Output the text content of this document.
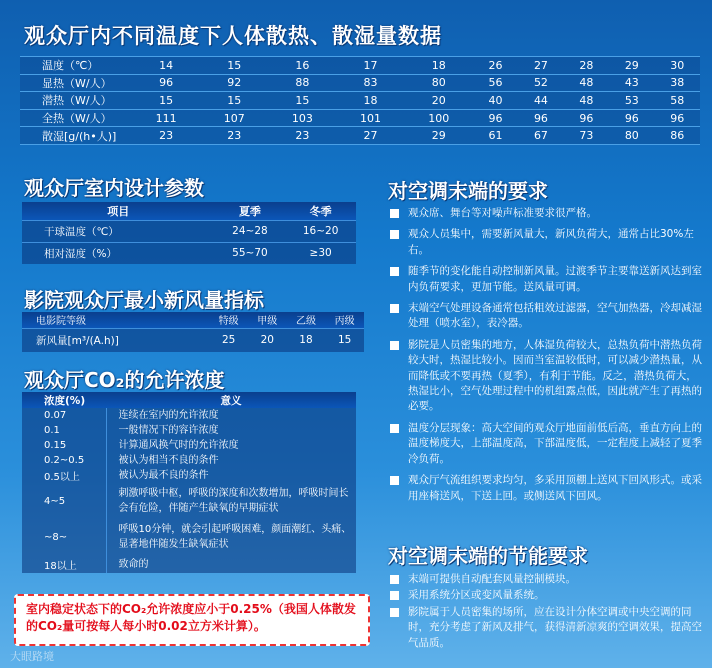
观众厅内不同温度下人体散热、散湿量数据
温度（℃）	14	15	16	17	18	26	27	28	29	30
显热（W/人）	96	92	88	83	80	56	52	48	43	38
潜热（W/人）	15	15	15	18	20	40	44	48	53	58
全热（W/人）	111	107	103	101	100	96	96	96	96	96
散湿[g/(h•人)]	23	23	23	27	29	61	67	73	80	86
观众厅室内设计参数
项目	夏季	冬季
干球温度（℃）	24~28	16~20
相对湿度（%）	55~70	≥30
影院观众厅最小新风量指标
电影院等级	特级	甲级	乙级	丙级
新风量[m³/(A.h)]	25	20	18	15
观众厅CO₂的允许浓度
浓度(%)	意义
0.07	连续在室内的允许浓度
0.1	一般情况下的容许浓度
0.15	计算通风换气时的允许浓度
0.2~0.5	被认为相当不良的条件
0.5以上	被认为最不良的条件
4~5	刺激呼吸中枢，呼吸的深度和次数增加，呼吸时间长会有危险，伴随产生缺氧的早期症状
~8~	呼吸10分钟，就会引起呼吸困难，颜面潮红、头痛、显著地伴随发生缺氧症状
18以上	致命的
室内稳定状态下的CO₂允许浓度应小于0.25%（我国人体散发的CO₂量可按每人每小时0.02立方米计算）。
对空调末端的要求
观众席、舞台等对噪声标准要求很严格。
观众人员集中，需要新风量大，新风负荷大，通常占比30%左右。
随季节的变化能自动控制新风量。过渡季节主要靠送新风达到室内负荷要求，更加节能。送风量可调。
末端空气处理设备通常包括粗效过滤器，空气加热器，冷却减湿处理（喷水室），表冷器。
影院是人员密集的地方，人体湿负荷较大，总热负荷中潜热负荷较大时，热湿比较小。因而当室温较低时，可以减少潜热量，从而降低或不要再热（夏季），有利于节能。反之，潜热负荷大，热湿比小，空气处理过程中的机组露点低，因此就产生了再热的必要。
温度分层现象：高大空间的观众厅地面前低后高，垂直方向上的温度梯度大，上部温度高，下部温度低，一定程度上减轻了夏季冷负荷。
观众厅气流组织要求均匀，多采用顶棚上送风下回风形式。或采用座椅送风，下送上回。或侧送风下回风。
对空调末端的节能要求
末端可提供自动配套风量控制模块。
采用系统分区或变风量系统。
影院属于人员密集的场所，应在设计分体空调或中央空调的同时，充分考虑了新风及排气，获得清新凉爽的空调效果，提高空气品质。
大眼路境
